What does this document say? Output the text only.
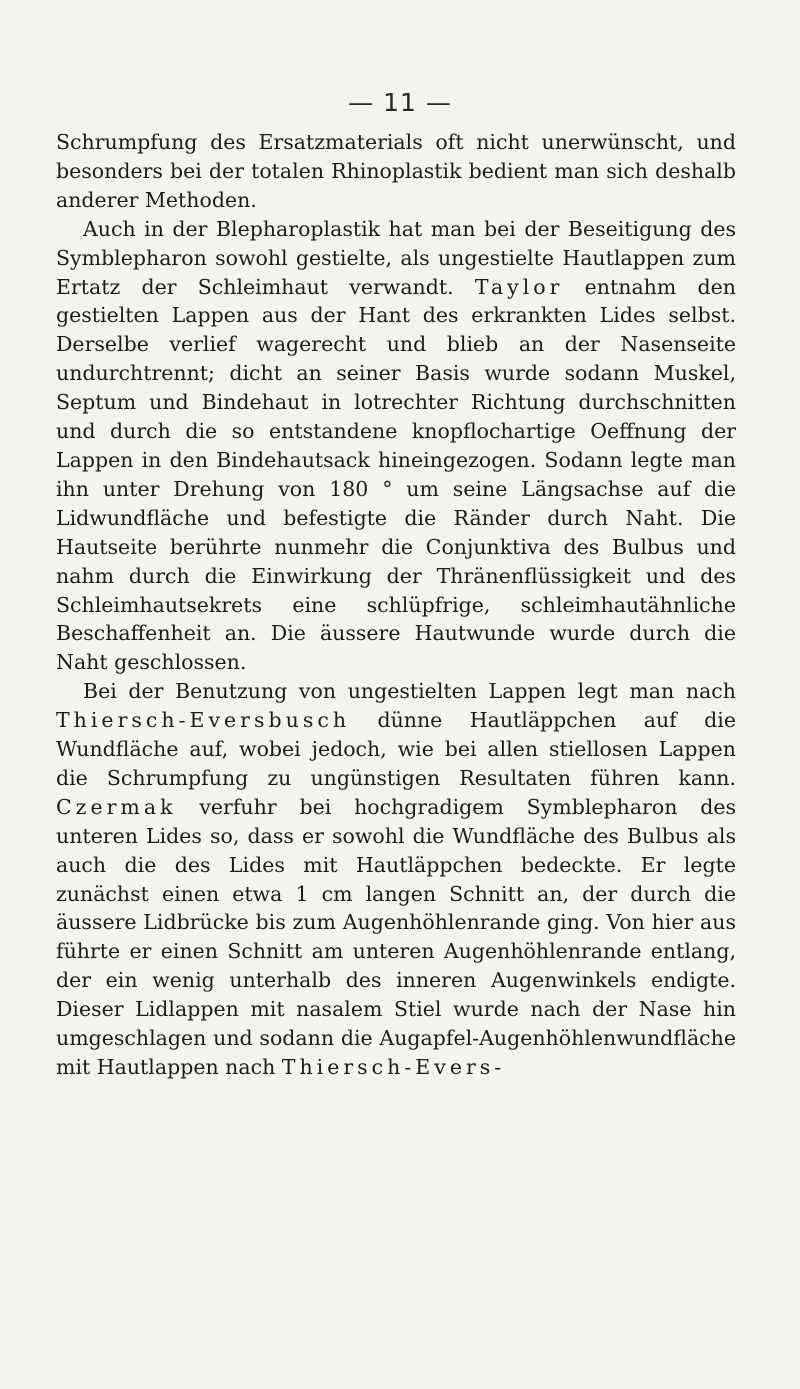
— 11 —

Schrumpfung des Ersatzmaterials oft nicht unerwünscht, und besonders bei der totalen Rhinoplastik bedient man sich deshalb anderer Methoden.

Auch in der Blepharoplastik hat man bei der Beseitigung des Symblepharon sowohl gestielte, als ungestielte Hautlappen zum Ertatz der Schleimhaut verwandt. Taylor entnahm den gestielten Lappen aus der Hant des erkrankten Lides selbst. Derselbe verlief wagerecht und blieb an der Nasenseite undurchtrennt; dicht an seiner Basis wurde sodann Muskel, Septum und Bindehaut in lotrechter Richtung durchschnitten und durch die so entstandene knopflochartige Oeffnung der Lappen in den Bindehautsack hineingezogen. Sodann legte man ihn unter Drehung von 180 ° um seine Längsachse auf die Lidwundfläche und befestigte die Ränder durch Naht. Die Hautseite berührte nunmehr die Conjunktiva des Bulbus und nahm durch die Einwirkung der Thränenflüssigkeit und des Schleimhautsekrets eine schlüpfrige, schleimhautähnliche Beschaffenheit an. Die äussere Hautwunde wurde durch die Naht geschlossen.

Bei der Benutzung von ungestielten Lappen legt man nach Thiersch-Eversbusch dünne Hautläppchen auf die Wundfläche auf, wobei jedoch, wie bei allen stiellosen Lappen die Schrumpfung zu ungünstigen Resultaten führen kann. Czermak verfuhr bei hochgradigem Symblepharon des unteren Lides so, dass er sowohl die Wundfläche des Bulbus als auch die des Lides mit Hautläppchen bedeckte. Er legte zunächst einen etwa 1 cm langen Schnitt an, der durch die äussere Lidbrücke bis zum Augenhöhlenrande ging. Von hier aus führte er einen Schnitt am unteren Augenhöhlenrande entlang, der ein wenig unterhalb des inneren Augenwinkels endigte. Dieser Lidlappen mit nasalem Stiel wurde nach der Nase hin umgeschlagen und sodann die Augapfel-Augenhöhlenwundfläche mit Hautlappen nach Thiersch-Evers-
